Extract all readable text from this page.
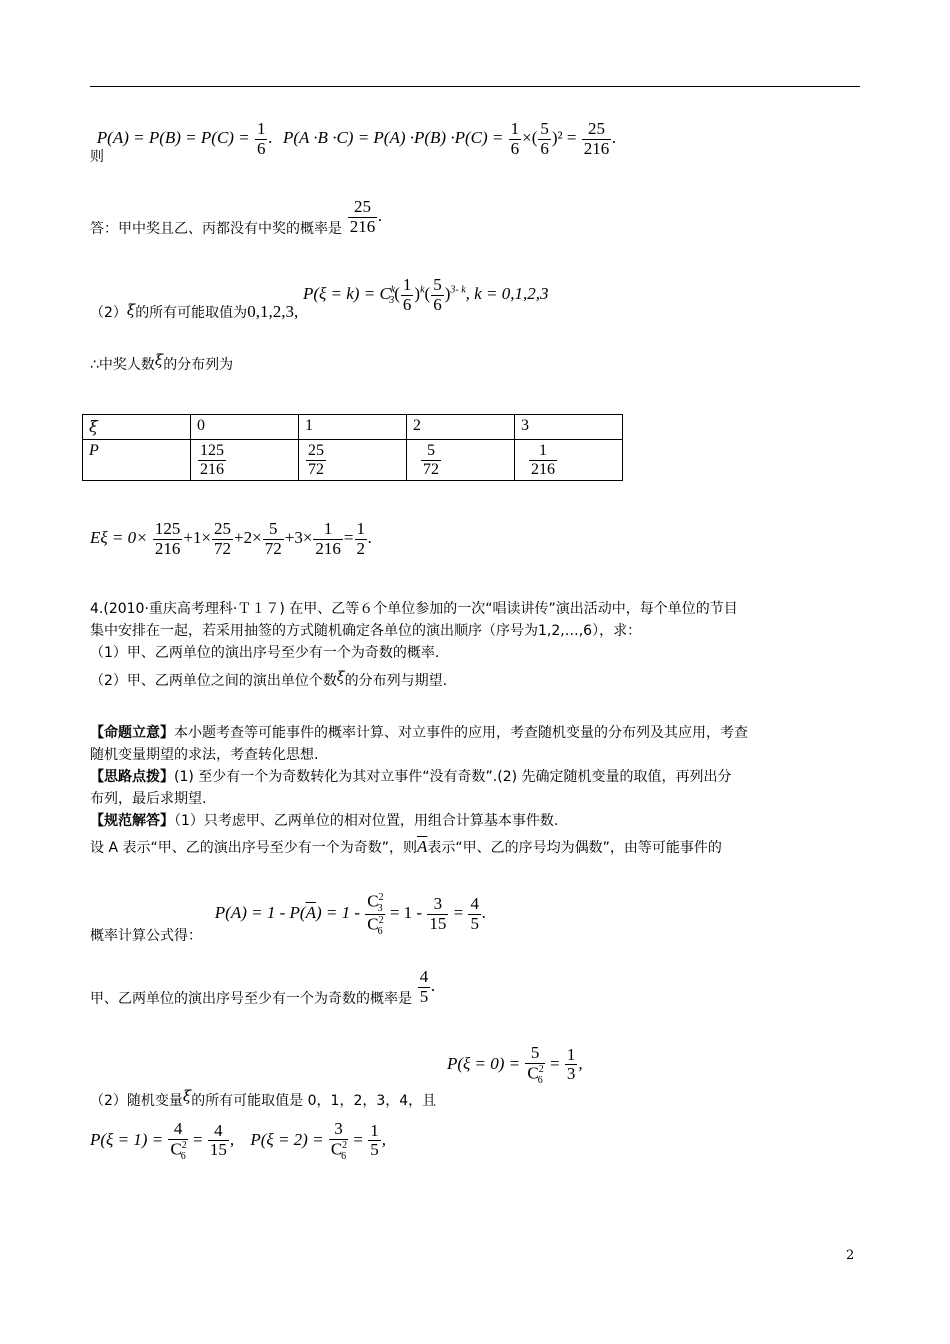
则 $P(A) = P(B) = P(C) = \frac{1}{6}$ . $P(A \cdot B \cdot C) = P(A) \cdot P(B) \cdot P(C) = \frac{1}{6}$ ×( $\frac{5}{6} )^2 = \frac{25}{216}$ .
答：甲中奖且乙、丙都没有中奖的概率是 $\frac{25}{216}$ .
（2）ξ的所有可能取值为0,1,2,3, $P(\xi = k) = C^k_3( \frac{1}{6} )^k( \frac{5}{6} )^{3- k}$, k = 0,1,2,3
∴中奖人数ξ的分布列为
ξ	0	1	2	3
P	$\frac{125}{216}$	$\frac{25}{72}$	$\frac{5}{72}$	$\frac{1}{216}$
$E\xi = 0\times \frac{125}{216} +1\times \frac{25}{72} +2\times \frac{5}{72} +3\times \frac{1}{216} = \frac{1}{2}$ .
4.(2010·重庆高考理科·Ｔ１７) 在甲、乙等６个单位参加的一次“唱读讲传”演出活动中，每个单位的节目
集中安排在一起，若采用抽签的方式随机确定各单位的演出顺序（序号为1,2,…,6），求：
（1）甲、乙两单位的演出序号至少有一个为奇数的概率.
（2）甲、乙两单位之间的演出单位个数ξ的分布列与期望.
【命题立意】本小题考查等可能事件的概率计算、对立事件的应用，考查随机变量的分布列及其应用，考查
随机变量期望的求法，考查转化思想.
【思路点拨】(1) 至少有一个为奇数转化为其对立事件“没有奇数”.(2) 先确定随机变量的取值，再列出分
布列，最后求期望.
【规范解答】（1）只考虑甲、乙两单位的相对位置，用组合计算基本事件数.
设 A 表示“甲、乙的演出序号至少有一个为奇数”，则$\overline{A}$表示“甲、乙的序号均为偶数”，由等可能事件的
概率计算公式得： $P(A) = 1 - P(\overline{A}) = 1 - \frac{C^2_3}{C^2_6} = 1 - \frac{3}{15} = \frac{4}{5}$ .
甲、乙两单位的演出序号至少有一个为奇数的概率是 $\frac{4}{5}$ .
（2）随机变量ξ的所有可能取值是 0，1，2，3，4，且 $P(\xi = 0) = \frac{5}{C^2_6} = \frac{1}{3}$ ,
$P(\xi = 1) = \frac{4}{C^2_6} = \frac{4}{15}$ , $P(\xi = 2) = \frac{3}{C^2_6} = \frac{1}{5}$ ,
2
